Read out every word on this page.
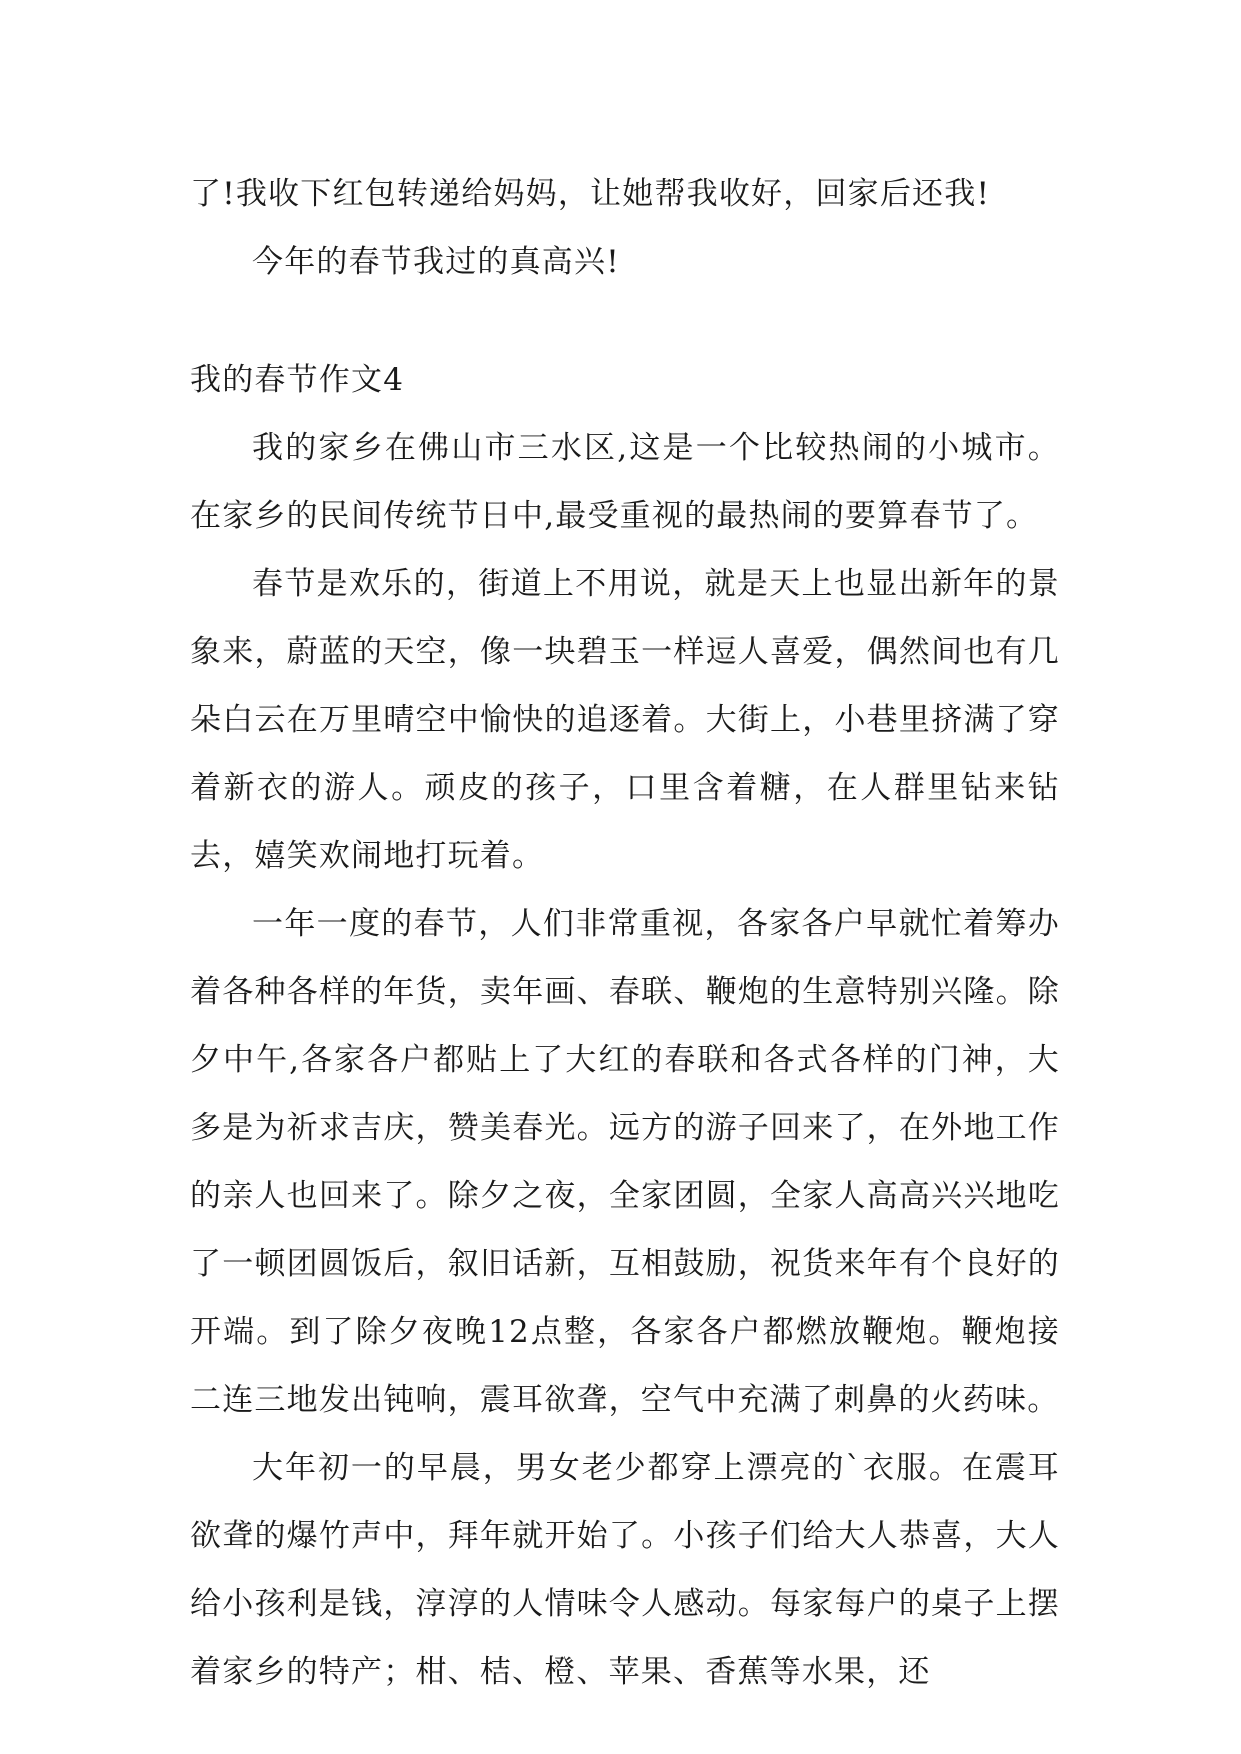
了!我收下红包转递给妈妈，让她帮我收好，回家后还我!

今年的春节我过的真高兴!

我的春节作文4

我的家乡在佛山市三水区,这是一个比较热闹的小城市。在家乡的民间传统节日中,最受重视的最热闹的要算春节了。

春节是欢乐的，街道上不用说，就是天上也显出新年的景象来，蔚蓝的天空，像一块碧玉一样逗人喜爱，偶然间也有几朵白云在万里晴空中愉快的追逐着。大街上，小巷里挤满了穿着新衣的游人。顽皮的孩子，口里含着糖，在人群里钻来钻去，嬉笑欢闹地打玩着。

一年一度的春节，人们非常重视，各家各户早就忙着筹办着各种各样的年货，卖年画、春联、鞭炮的生意特别兴隆。除夕中午,各家各户都贴上了大红的春联和各式各样的门神，大多是为祈求吉庆，赞美春光。远方的游子回来了，在外地工作的亲人也回来了。除夕之夜，全家团圆，全家人高高兴兴地吃了一顿团圆饭后，叙旧话新，互相鼓励，祝货来年有个良好的开端。到了除夕夜晚12点整，各家各户都燃放鞭炮。鞭炮接二连三地发出钝响，震耳欲聋，空气中充满了刺鼻的火药味。

大年初一的早晨，男女老少都穿上漂亮的`衣服。在震耳欲聋的爆竹声中，拜年就开始了。小孩子们给大人恭喜，大人给小孩利是钱，淳淳的人情味令人感动。每家每户的桌子上摆着家乡的特产；柑、桔、橙、苹果、香蕉等水果，还
